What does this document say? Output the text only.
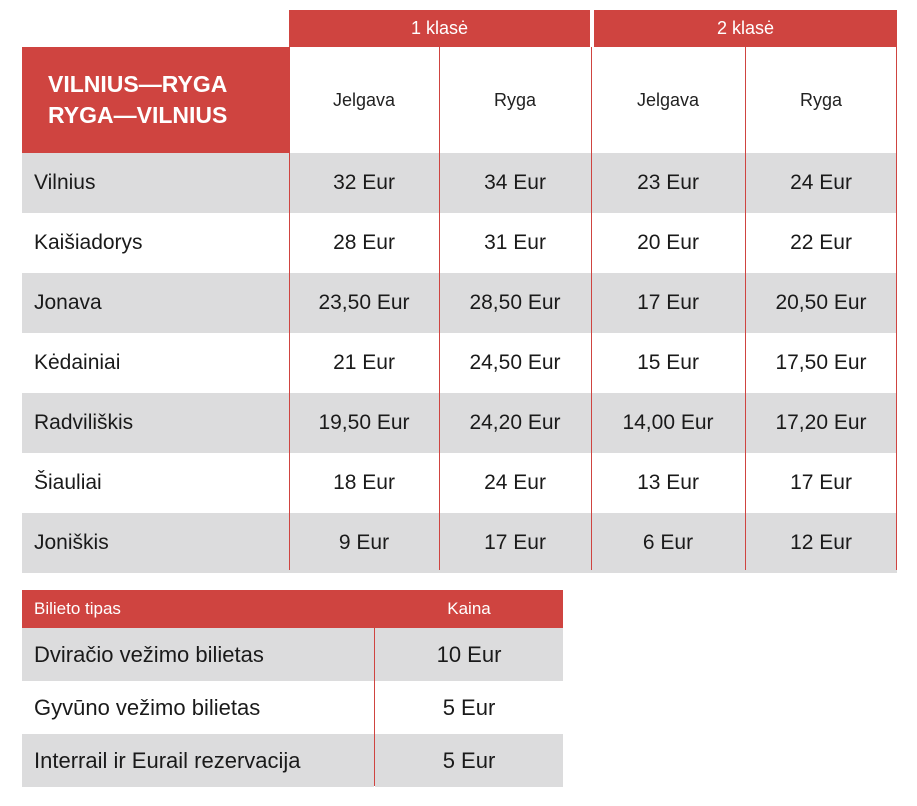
1 klasė	2 klasė
VILNIUS—RYGA
RYGA—VILNIUS
Jelgava	Ryga	Jelgava	Ryga
Vilnius	32 Eur	34 Eur	23 Eur	24 Eur
Kaišiadorys	28 Eur	31 Eur	20 Eur	22 Eur
Jonava	23,50 Eur	28,50 Eur	17 Eur	20,50 Eur
Kėdainiai	21 Eur	24,50 Eur	15 Eur	17,50 Eur
Radviliškis	19,50 Eur	24,20 Eur	14,00 Eur	17,20 Eur
Šiauliai	18 Eur	24 Eur	13 Eur	17 Eur
Joniškis	9 Eur	17 Eur	6 Eur	12 Eur
Bilieto tipas	Kaina
Dviračio vežimo bilietas	10 Eur
Gyvūno vežimo bilietas	5 Eur
Interrail ir Eurail rezervacija	5 Eur
